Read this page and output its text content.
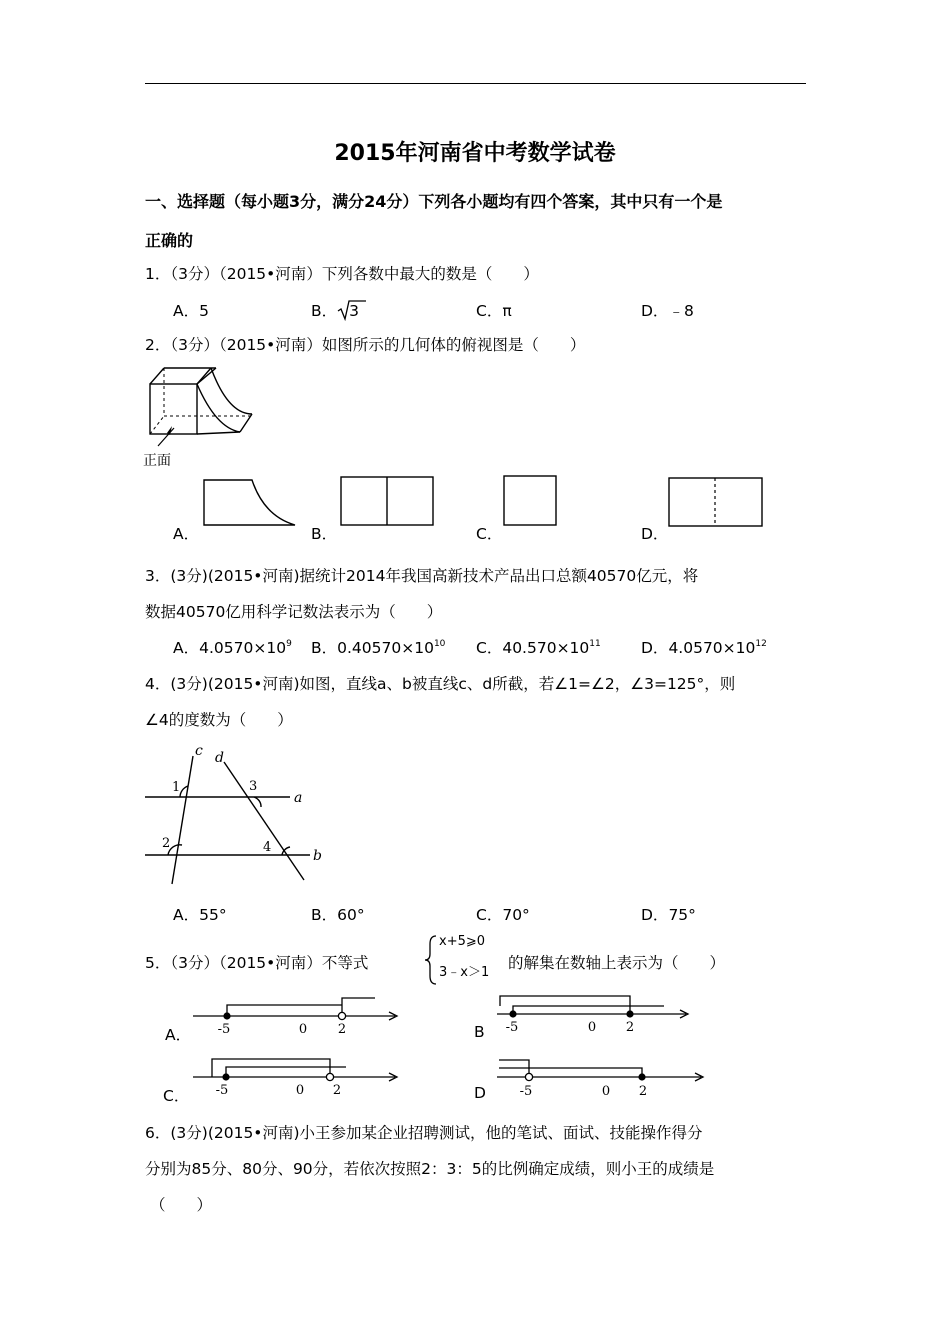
2015年河南省中考数学试卷
一、选择题（每小题3分，满分24分）下列各小题均有四个答案，其中只有一个是
正确的
1．（3分）（2015•河南）下列各数中最大的数是（　　）
A．5	B． 3	C．π	D．﹣8
2．（3分）（2015•河南）如图所示的几何体的俯视图是（　　）
正面
A．	B．	C．	D．
3．(3分)(2015•河南)据统计2014年我国高新技术产品出口总额40570亿元，将
数据40570亿用科学记数法表示为（　　）
A．$4.0570\times 10^9$ B．$0.40570\times 10^{10}$ C．$40.570\times 10^{11}$	D．$4.0570\times 10^{12}$
4．(3分)(2015•河南)如图，直线a、b被直线c、d所截，若∠1=∠2，∠3=125°，则
∠4的度数为（　　）
c d
a
b
1
2
3
4
A．55°	B．60°	C．70°	D．75°
5．（3分）（2015•河南）不等式
x+5⩾0
3﹣x＞1
的解集在数轴上表示为（　　）
A． -5	0 2	B -5	0 2
C． -5	0 2	D	-5	0 2
6．(3分)(2015•河南)小王参加某企业招聘测试，他的笔试、面试、技能操作得分
分别为85分、80分、90分，若依次按照2：3：5的比例确定成绩，则小王的成绩是
（　　）
